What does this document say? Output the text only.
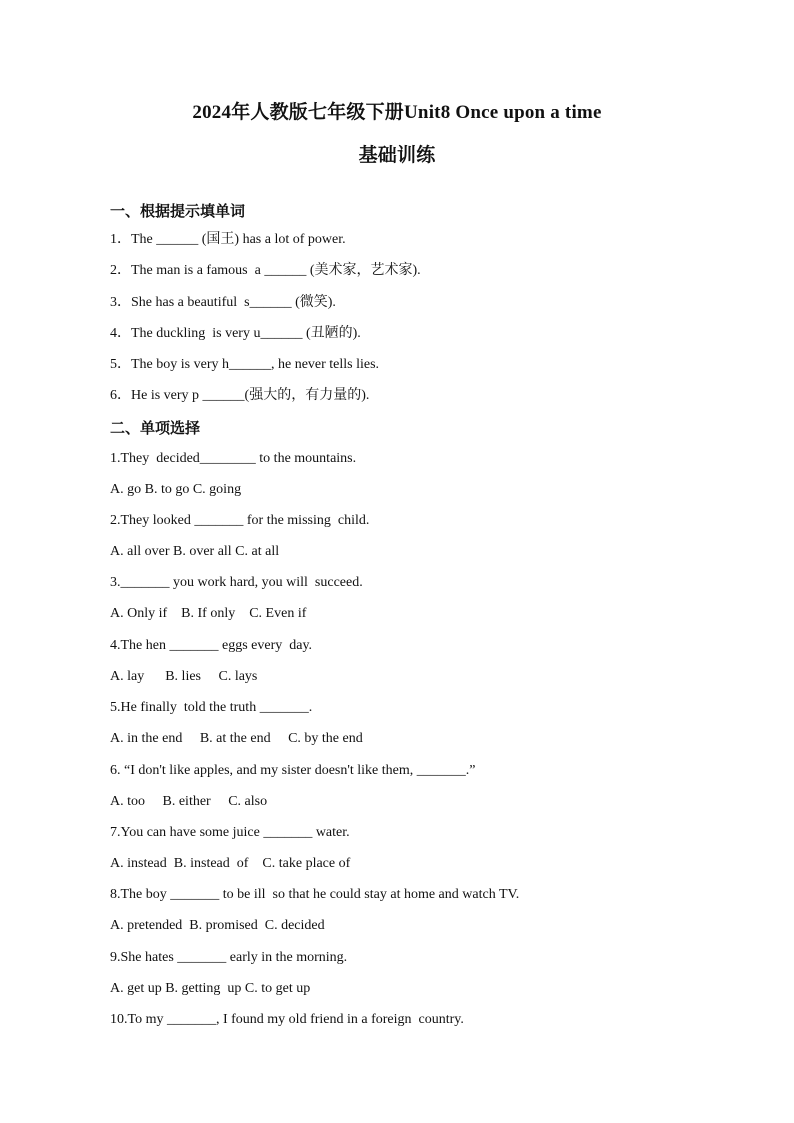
2024年人教版七年级下册Unit8 Once upon a time
基础训练
一、根据提示填单词
1．The ______ (国王) has a lot of power.
2．The man is a famous  a ______ (美术家，艺术家).
3．She has a beautiful  s______ (微笑).
4．The duckling  is very u______ (丑陋的).
5．The boy is very h______, he never tells lies.
6．He is very p ______(强大的，有力量的).
二、单项选择
1.They  decided________ to the mountains.
A. go B. to go C. going
2.They looked _______ for the missing  child.
A. all over B. over all C. at all
3._______ you work hard, you will  succeed.
A. Only if    B. If only    C. Even if
4.The hen _______ eggs every  day.
A. lay      B. lies     C. lays
5.He finally  told the truth _______.
A. in the end     B. at the end     C. by the end
6. “I don't like apples, and my sister doesn't like them, _______.”
A. too     B. either     C. also
7.You can have some juice _______ water.
A. instead  B. instead  of    C. take place of
8.The boy _______ to be ill  so that he could stay at home and watch TV.
A. pretended  B. promised  C. decided
9.She hates _______ early in the morning.
A. get up B. getting  up C. to get up
10.To my _______, I found my old friend in a foreign  country.
